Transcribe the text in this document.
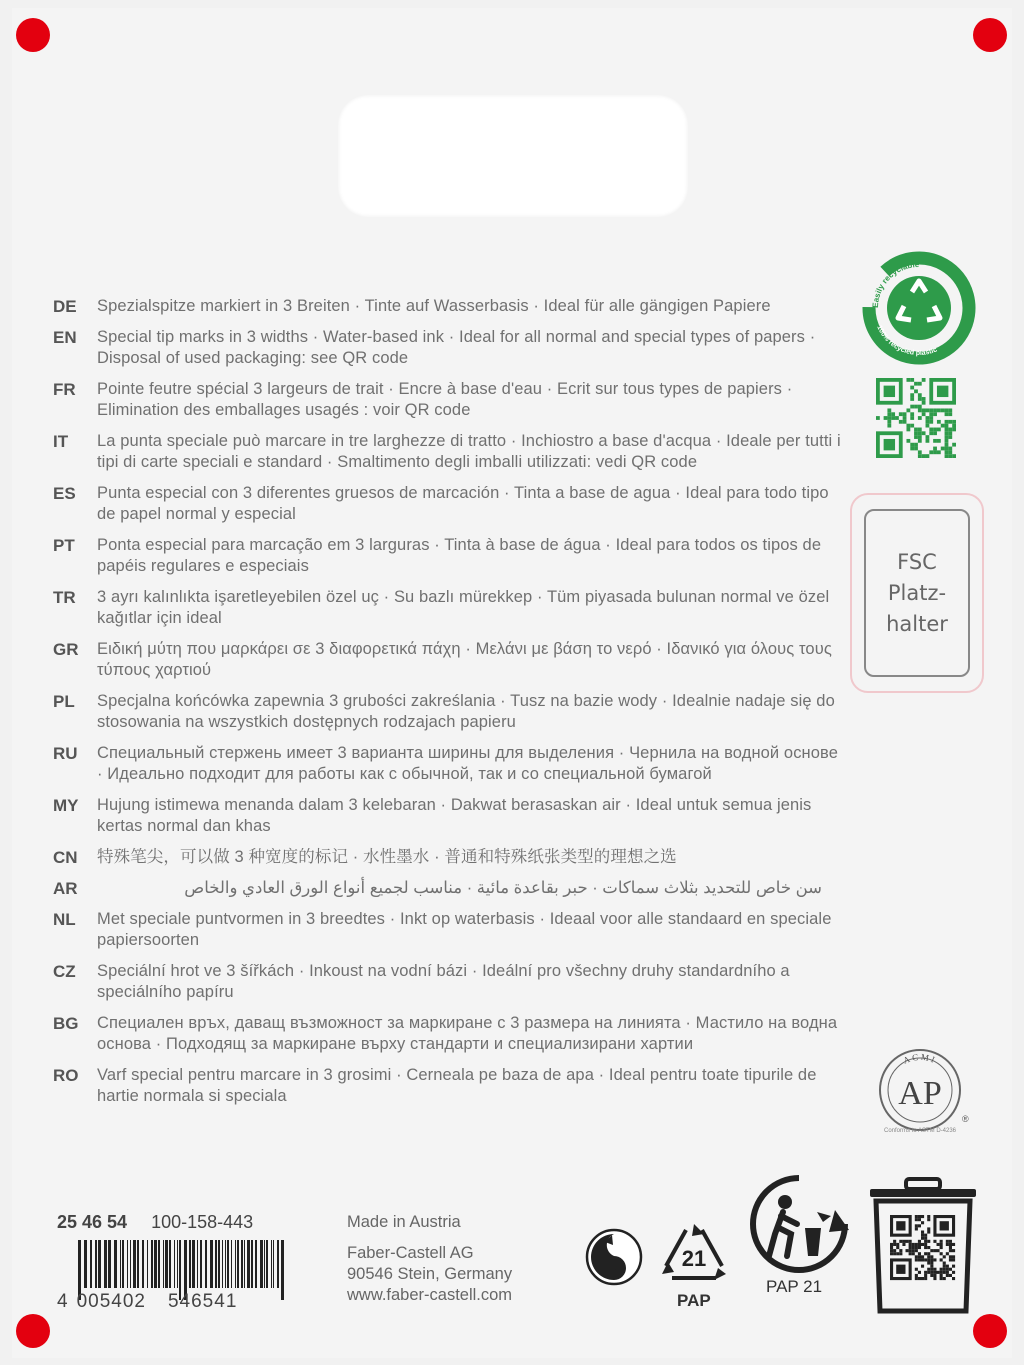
DE	Spezialspitze markiert in 3 Breiten · Tinte auf Wasserbasis · Ideal für alle gängigen Papiere
EN	Special tip marks in 3 widths · Water-based ink · Ideal for all normal and special types of papers · Disposal of used packaging: see QR code
FR	Pointe feutre spécial 3 largeurs de trait · Encre à base d'eau · Ecrit sur tous types de papiers · Elimination des emballages usagés : voir QR code
IT	La punta speciale può marcare in tre larghezze di tratto · Inchiostro a base d'acqua · Ideale per tutti i tipi di carte speciali e standard · Smaltimento degli imballi utilizzati: vedi QR code
ES	Punta especial con 3 diferentes gruesos de marcación · Tinta a base de agua · Ideal para todo tipo de papel normal y especial
PT	Ponta especial para marcação em 3 larguras · Tinta à base de água · Ideal para todos os tipos de papéis regulares e especiais
TR	3 ayrı kalınlıkta işaretleyebilen özel uç · Su bazlı mürekkep · Tüm piyasada bulunan normal ve özel kağıtlar için ideal
GR	Ειδική μύτη που μαρκάρει σε 3 διαφορετικά πάχη · Μελάνι με βάση το νερό · Ιδανικό για όλους τους τύπους χαρτιού
PL	Specjalna końcówka zapewnia 3 grubości zakreślania · Tusz na bazie wody · Idealnie nadaje się do stosowania na wszystkich dostępnych rodzajach papieru
RU	Специальный стержень имеет 3 варианта ширины для выделения · Чернила на водной основе · Идеально подходит для работы как с обычной, так и со специальной бумагой
MY	Hujung istimewa menanda dalam 3 kelebaran · Dakwat berasaskan air · Ideal untuk semua jenis kertas normal dan khas
CN	特殊笔尖，可以做 3 种宽度的标记 · 水性墨水 · 普通和特殊纸张类型的理想之选
AR	سن خاص للتحديد بثلاث سماكات · حبر بقاعدة مائية · مناسب لجميع أنواع الورق العادي والخاص
NL	Met speciale puntvormen in 3 breedtes · Inkt op waterbasis · Ideaal voor alle standaard en speciale papiersoorten
CZ	Speciální hrot ve 3 šířkách · Inkoust na vodní bázi · Ideální pro všechny druhy standardního a speciálního papíru
BG	Специален връх, даващ възможност за маркиране с 3 размера на линията · Мастило на водна основа · Подходящ за маркиране върху стандарти и специализирани хартии
RO	Varf special pentru marcare in 3 grosimi · Cerneala pe baza de apa · Ideal pentru toate tipurile de hartie normala si speciala
Easily recyclable
100% recycled plastic
FSC
Platz-
halter
ACMI
AP
®
Conforms to ASTM D-4236
25 46 54 100-158-443
4 005402 546541
Made in Austria
Faber-Castell AG
90546 Stein, Germany
www.faber-castell.com
21
PAP
PAP 21
